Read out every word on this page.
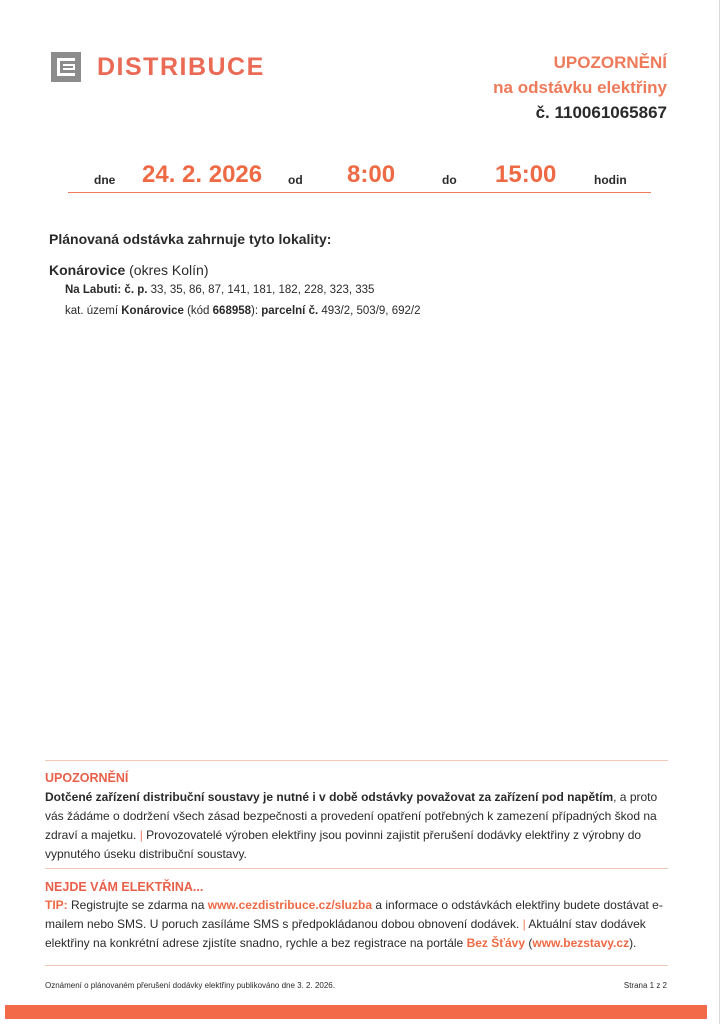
DISTRIBUCE	UPOZORNĚNÍ
na odstávku elektřiny
č. 110061065867
dne 24. 2. 2026 od 8:00	do 15:00	hodin
Plánovaná odstávka zahrnuje tyto lokality:
Konárovice (okres Kolín)
Na Labuti: č. p. 33, 35, 86, 87, 141, 181, 182, 228, 323, 335
kat. území Konárovice (kód 668958): parcelní č. 493/2, 503/9, 692/2
UPOZORNĚNÍ
Dotčené zařízení distribuční soustavy je nutné i v době odstávky považovat za zařízení pod napětím, a proto vás žádáme o dodržení všech zásad bezpečnosti a provedení opatření potřebných k zamezení případných škod na zdraví a majetku. | Provozovatelé výroben elektřiny jsou povinni zajistit přerušení dodávky elektřiny z výrobny do vypnutého úseku distribuční soustavy.
NEJDE VÁM ELEKTŘINA...
TIP: Registrujte se zdarma na www.cezdistribuce.cz/sluzba a informace o odstávkách elektřiny budete dostávat e-mailem nebo SMS. U poruch zasíláme SMS s předpokládanou dobou obnovení dodávek. | Aktuální stav dodávek elektřiny na konkrétní adrese zjistíte snadno, rychle a bez registrace na portále Bez Šťávy (www.bezstavy.cz).
Oznámení o plánovaném přerušení dodávky elektřiny publikováno dne 3. 2. 2026.	Strana 1 z 2
